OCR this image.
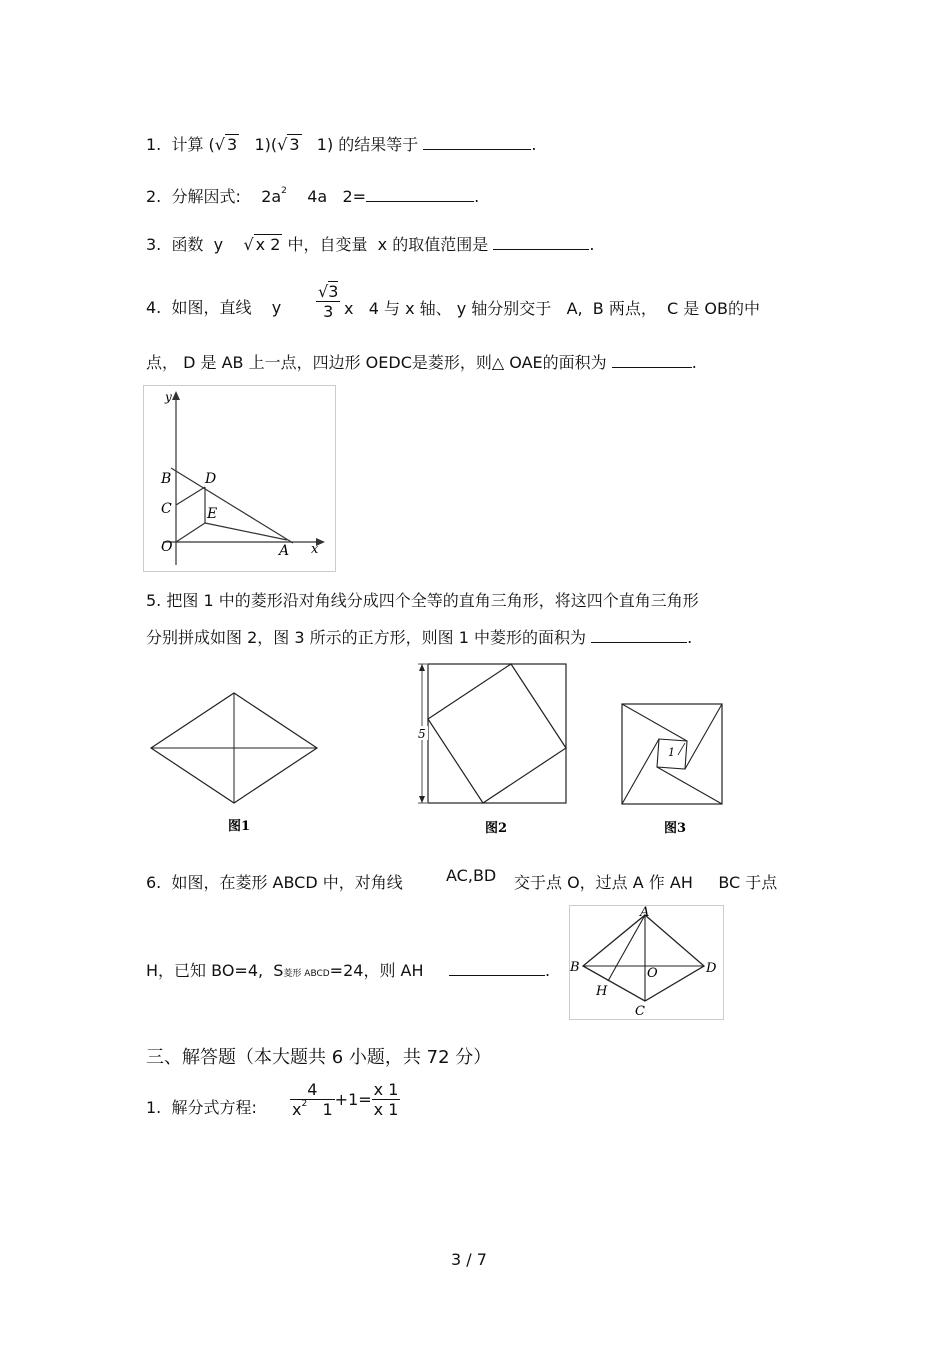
1. 计算 (√ 3 1)(√ 3 1) 的结果等于	.
2. 分解因式: $2a^2$ 4a 2=	.
3.  函数  y √ x 2 中，自变量 x 的取值范围是	.
4. 如图，直线 y $\frac{√3}{3}$ x 4 与 x 轴、 y 轴分别交于 A, B 两点， C 是 OB的中
点， D 是 AB 上一点，四边形 OEDC是菱形，则△ OAE的面积为	.
y
x
B
C
D
E
O	A
5. 把图 1 中的菱形沿对角线分成四个全等的直角三角形，将这四个直角三角形
分别拼成如图 2，图 3 所示的正方形，则图 1 中菱形的面积为	.
图1
5
图2
1
图3
6. 如图，在菱形 ABCD 中，对角线	AC,BD 交于点 O，过点 A 作 AH BC 于点
H，已知 BO=4, S菱形 ABCD=24，则 AH	.
A
B	D
C
O
H
三、解答题（本大题共 6 小题，共 72 分）
1. 解分式方程: $\frac{4}{x^2 1} +1= \frac{x 1}{x 1}$
3 / 7
